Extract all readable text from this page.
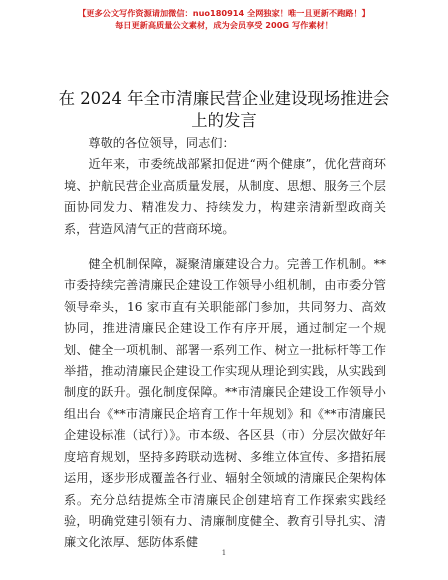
【更多公文写作资源请加微信：nuo180914 全网独家！唯一且更新不跑路！】
每日更新高质量公文素材，成为会员享受 200G 写作素材！
在 2024 年全市清廉民营企业建设现场推进会上的发言

尊敬的各位领导，同志们：

近年来，市委统战部紧扣促进“两个健康”，优化营商环境、护航民营企业高质量发展，从制度、思想、服务三个层面协同发力、精准发力、持续发力，构建亲清新型政商关系，营造风清气正的营商环境。

健全机制保障，凝聚清廉建设合力。完善工作机制。**市委持续完善清廉民企建设工作领导小组机制，由市委分管领导牵头，16 家市直有关职能部门参加，共同努力、高效协同，推进清廉民企建设工作有序开展，通过制定一个规划、健全一项机制、部署一系列工作、树立一批标杆等工作举措，推动清廉民企建设工作实现从理论到实践，从实践到制度的跃升。强化制度保障。**市清廉民企建设工作领导小组出台《**市清廉民企培育工作十年规划》和《**市清廉民企建设标准（试行）》。市本级、各区县（市）分层次做好年度培育规划，坚持多跨联动选树、多维立体宣传、多措拓展运用，逐步形成覆盖各行业、辐射全领域的清廉民企架构体系。充分总结提炼全市清廉民企创建培育工作探索实践经验，明确党建引领有力、清廉制度健全、教育引导扎实、清廉文化浓厚、惩防体系健

1
